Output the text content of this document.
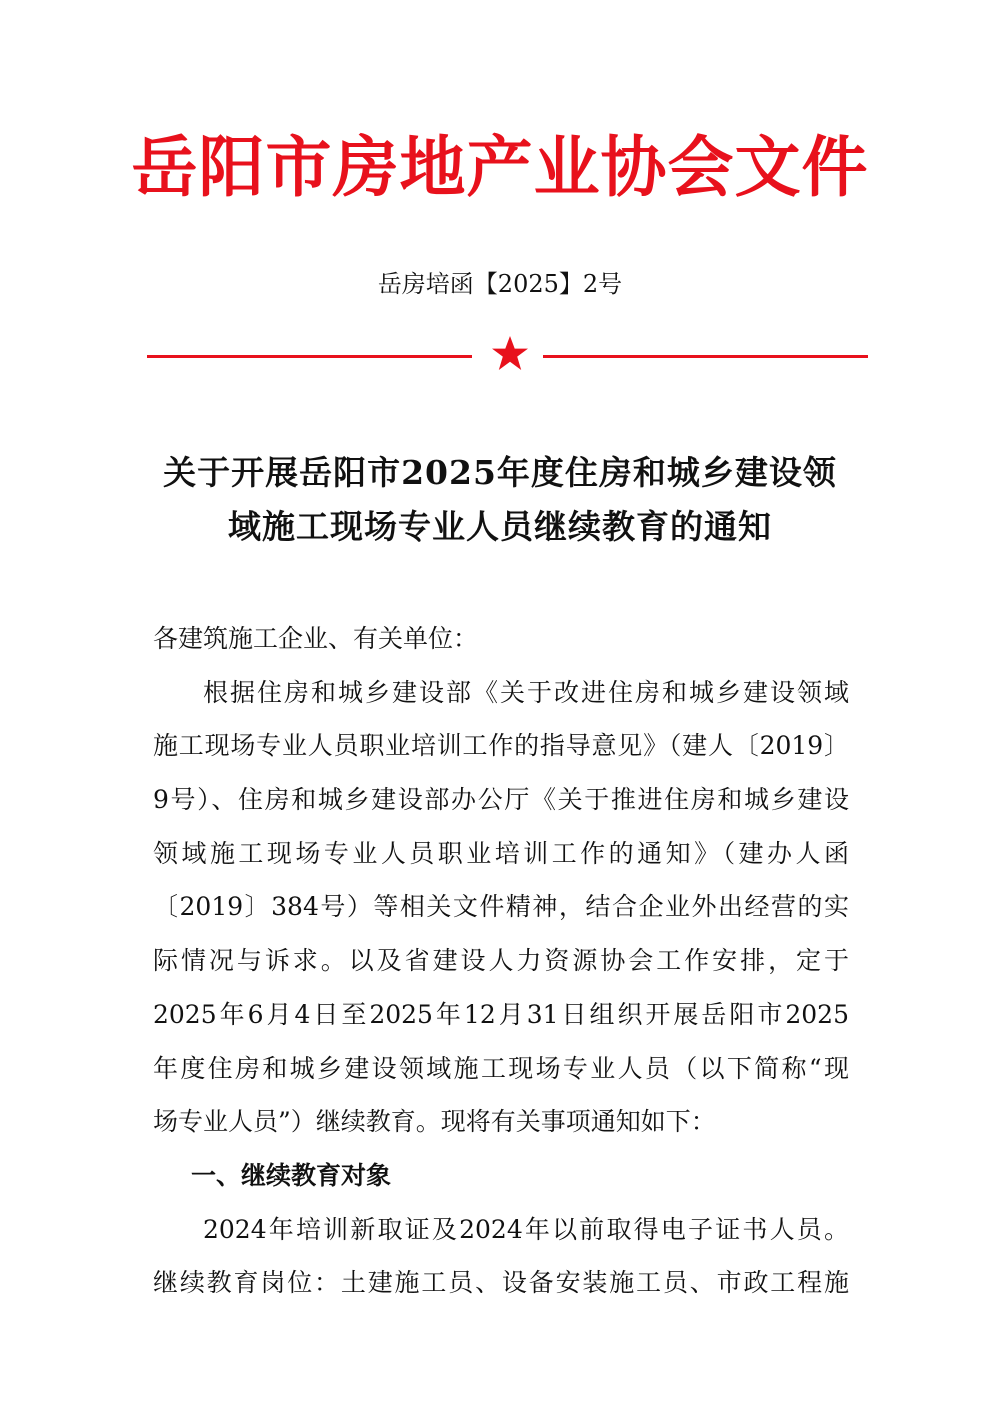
岳阳市房地产业协会文件
岳房培函【2025】2号
关于开展岳阳市2025年度住房和城乡建设领
域施工现场专业人员继续教育的通知
各建筑施工企业、有关单位：
根据住房和城乡建设部《关于改进住房和城乡建设领域
施工现场专业人员职业培训工作的指导意见》（建人〔2019〕
9号）、住房和城乡建设部办公厅《关于推进住房和城乡建设
领域施工现场专业人员职业培训工作的通知》（建办人函
〔2019〕384号）等相关文件精神，结合企业外出经营的实
际情况与诉求。以及省建设人力资源协会工作安排，定于
2025年6月4日至2025年12月31日组织开展岳阳市2025
年度住房和城乡建设领域施工现场专业人员（以下简称“现
场专业人员”）继续教育。现将有关事项通知如下：
一、继续教育对象
2024年培训新取证及2024年以前取得电子证书人员。
继续教育岗位：土建施工员、设备安装施工员、市政工程施
